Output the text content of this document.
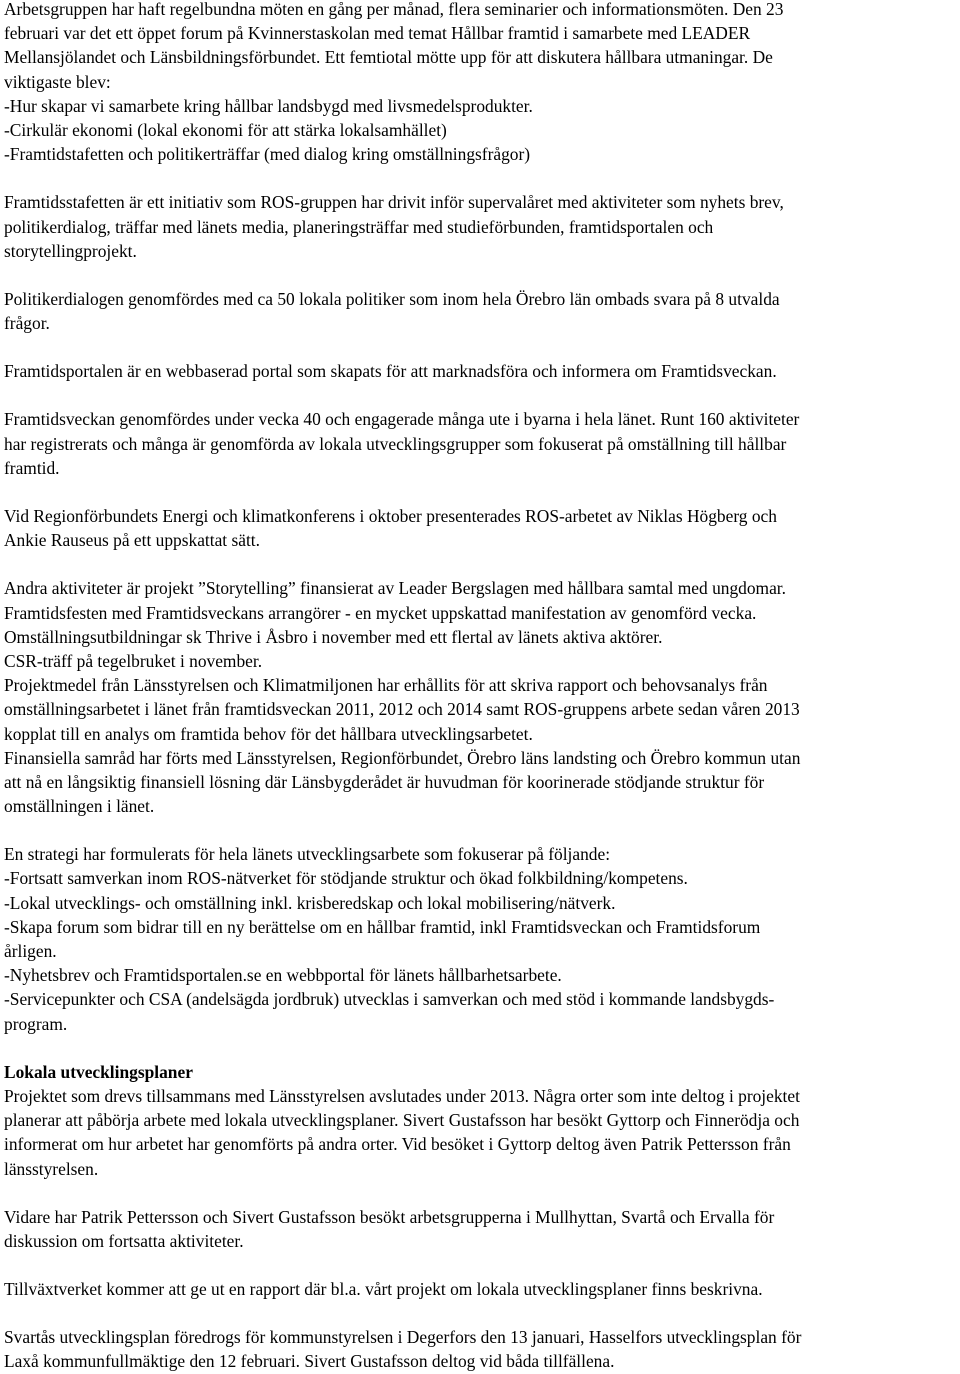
Arbetsgruppen har haft regelbundna möten en gång per månad, flera seminarier och informationsmöten. Den 23
februari var det ett öppet forum på Kvinnerstaskolan med temat Hållbar framtid i samarbete med LEADER
Mellansjölandet och Länsbildningsförbundet. Ett femtiotal mötte upp för att diskutera hållbara utmaningar. De
viktigaste blev:
-Hur skapar vi samarbete kring hållbar landsbygd med livsmedelsprodukter.
-Cirkulär ekonomi (lokal ekonomi för att stärka lokalsamhället)
-Framtidstafetten och politikerträffar (med dialog kring omställningsfrågor)
Framtidsstafetten är ett initiativ som ROS-gruppen har drivit inför supervalåret med aktiviteter som nyhets brev,
politikerdialog, träffar med länets media, planeringsträffar med studieförbunden, framtidsportalen och
storytellingprojekt.
Politikerdialogen genomfördes med ca 50 lokala politiker som inom hela Örebro län ombads svara på 8 utvalda
frågor.
Framtidsportalen är en webbaserad portal som skapats för att marknadsföra och informera om Framtidsveckan.
Framtidsveckan genomfördes under vecka 40 och engagerade många ute i byarna i hela länet. Runt 160 aktiviteter
har registrerats och många är genomförda av lokala utvecklingsgrupper som fokuserat på omställning till hållbar
framtid.
Vid Regionförbundets Energi och klimatkonferens i oktober presenterades ROS-arbetet av Niklas Högberg och
Ankie Rauseus på ett uppskattat sätt.
Andra aktiviteter är projekt ”Storytelling” finansierat av Leader Bergslagen med hållbara samtal med ungdomar.
Framtidsfesten med Framtidsveckans arrangörer - en mycket uppskattad manifestation av genomförd vecka.
Omställningsutbildningar sk Thrive i Åsbro i november med ett flertal av länets aktiva aktörer.
CSR-träff på tegelbruket i november.
Projektmedel från Länsstyrelsen och Klimatmiljonen har erhållits för att skriva rapport och behovsanalys från
omställningsarbetet i länet från framtidsveckan 2011, 2012 och 2014 samt ROS-gruppens arbete sedan våren 2013
kopplat till en analys om framtida behov för det hållbara utvecklingsarbetet.
Finansiella samråd har förts med Länsstyrelsen, Regionförbundet, Örebro läns landsting och Örebro kommun utan
att nå en långsiktig finansiell lösning där Länsbygderådet är huvudman för koorinerade stödjande struktur för
omställningen i länet.
En strategi har formulerats för hela länets utvecklingsarbete som fokuserar på följande:
-Fortsatt samverkan inom ROS-nätverket för stödjande struktur och ökad folkbildning/kompetens.
-Lokal utvecklings- och omställning inkl. krisberedskap och lokal mobilisering/nätverk.
-Skapa forum som bidrar till en ny berättelse om en hållbar framtid, inkl Framtidsveckan och Framtidsforum
årligen.
-Nyhetsbrev och Framtidsportalen.se en webbportal för länets hållbarhetsarbete.
-Servicepunkter och CSA (andelsägda jordbruk) utvecklas i samverkan och med stöd i kommande landsbygds-
program.
Lokala utvecklingsplaner
Projektet som drevs tillsammans med Länsstyrelsen avslutades under 2013. Några orter som inte deltog i projektet
planerar att påbörja arbete med lokala utvecklingsplaner. Sivert Gustafsson har besökt Gyttorp och Finnerödja och
informerat om hur arbetet har genomförts på andra orter. Vid besöket i Gyttorp deltog även Patrik Pettersson från
länsstyrelsen.
Vidare har Patrik Pettersson och Sivert Gustafsson besökt arbetsgrupperna i Mullhyttan, Svartå och Ervalla för
diskussion om fortsatta aktiviteter.
Tillväxtverket kommer att ge ut en rapport där bl.a. vårt projekt om lokala utvecklingsplaner finns beskrivna.
Svartås utvecklingsplan föredrogs för kommunstyrelsen i Degerfors den 13 januari, Hasselfors utvecklingsplan för
Laxå kommunfullmäktige den 12 februari. Sivert Gustafsson deltog vid båda tillfällena.
